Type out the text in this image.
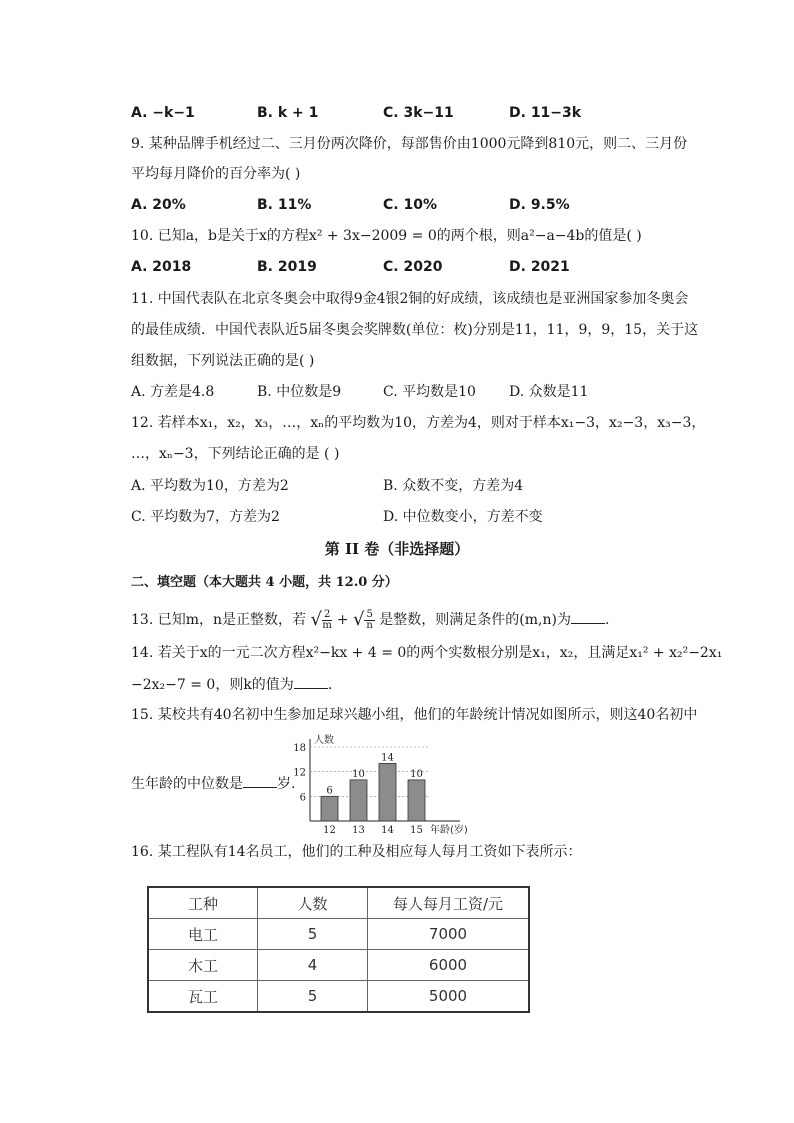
A. −k−1	B. k + 1	C. 3k−11	D. 11−3k
9. 某种品牌手机经过二、三月份两次降价，每部售价由1000元降到810元，则二、三月份
平均每月降价的百分率为( )
A. 20%	B. 11%	C. 10%	D. 9.5%
10. 已知a，b是关于x的方程x² + 3x−2009 = 0的两个根，则a²−a−4b的值是( )
A. 2018	B. 2019	C. 2020	D. 2021
11. 中国代表队在北京冬奥会中取得9金4银2铜的好成绩，该成绩也是亚洲国家参加冬奥会
的最佳成绩．中国代表队近5届冬奥会奖牌数(单位：枚)分别是11，11，9，9，15，关于这
组数据，下列说法正确的是( )
A. 方差是4.8	B. 中位数是9	C. 平均数是10 D. 众数是11
12. 若样本x₁，x₂，x₃，…，xₙ的平均数为10，方差为4，则对于样本x₁−3，x₂−3，x₃−3，
…，xₙ−3，下列结论正确的是 ( )
A. 平均数为10，方差为2	B. 众数不变，方差为4
C. 平均数为7，方差为2	D. 中位数变小，方差不变
第 II 卷（非选择题）
二、填空题（本大题共 4 小题，共 12.0 分）
13. 已知m，n是正整数，若 √ $\frac{2}{m}$ + √ $\frac{5}{n}$ 是整数，则满足条件的(m,n)为 .
14. 若关于x的一元二次方程x²−kx + 4 = 0的两个实数根分别是x₁，x₂，且满足x₁² + x₂²−2x₁
−2x₂−7 = 0，则k的值为 .
15. 某校共有40名初中生参加足球兴趣小组，他们的年龄统计情况如图所示，则这40名初中
生年龄的中位数是 岁.
6
12
18
人数
年龄(岁)
6
12
10
13
14
14
10
15
16. 某工程队有14名员工，他们的工种及相应每人每月工资如下表所示：
工种	人数	每人每月工资/元
电工	5	7000
木工	4	6000
瓦工	5	5000
